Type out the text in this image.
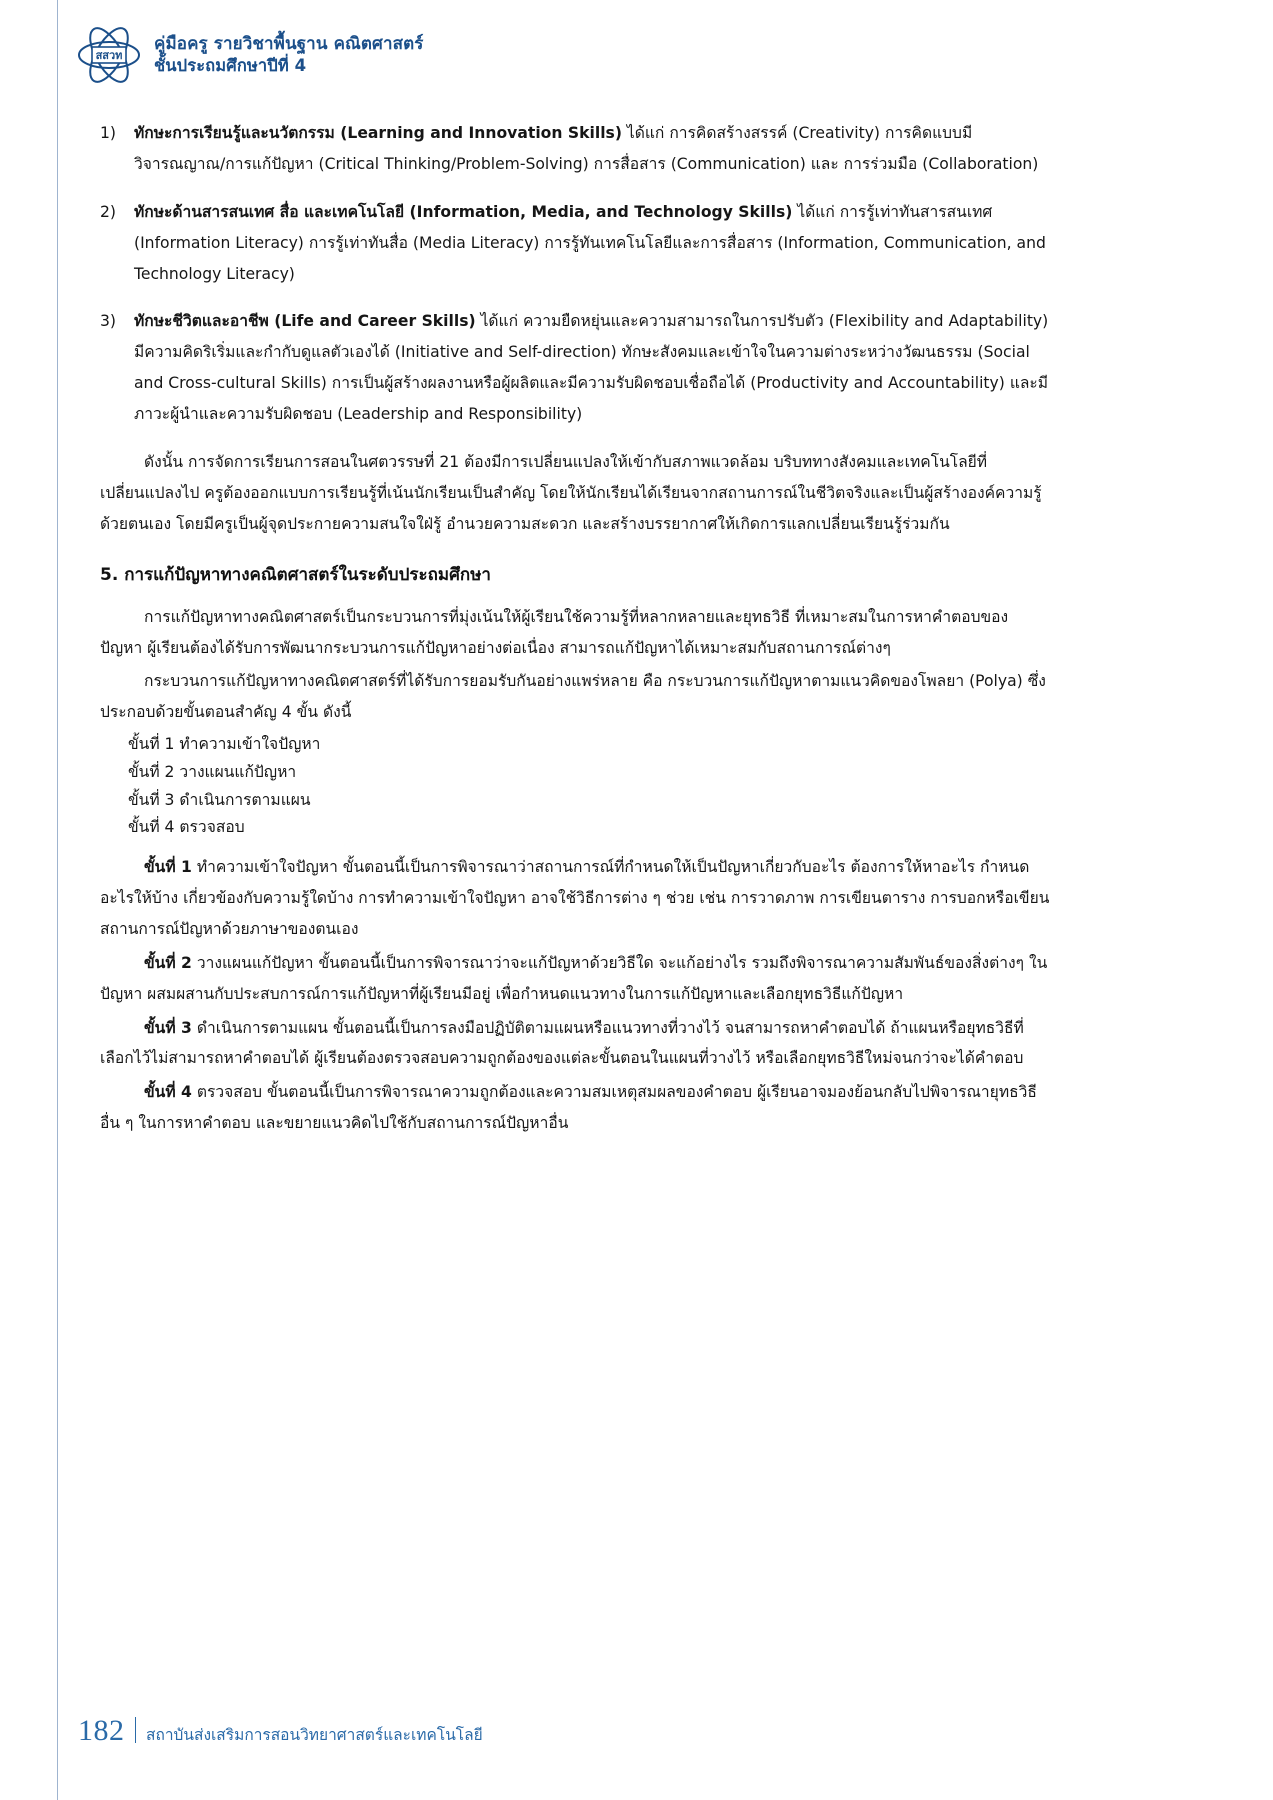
สสวท
คู่มือครู รายวิชาพื้นฐาน คณิตศาสตร์
ชั้นประถมศึกษาปีที่ 4
1)	ทักษะการเรียนรู้และนวัตกรรม (Learning and Innovation Skills) ได้แก่ การคิดสร้างสรรค์ (Creativity) การคิดแบบมีวิจารณญาณ/การแก้ปัญหา (Critical Thinking/Problem-Solving) การสื่อสาร (Communication) และ การร่วมมือ (Collaboration)
2)	ทักษะด้านสารสนเทศ สื่อ และเทคโนโลยี (Information, Media, and Technology Skills) ได้แก่ การรู้เท่าทันสารสนเทศ (Information Literacy) การรู้เท่าทันสื่อ (Media Literacy) การรู้ทันเทคโนโลยีและการสื่อสาร (Information, Communication, and Technology Literacy)
3)	ทักษะชีวิตและอาชีพ (Life and Career Skills) ได้แก่ ความยืดหยุ่นและความสามารถในการปรับตัว (Flexibility and Adaptability) มีความคิดริเริ่มและกำกับดูแลตัวเองได้ (Initiative and Self-direction) ทักษะสังคมและเข้าใจในความต่างระหว่างวัฒนธรรม (Social and Cross-cultural Skills) การเป็นผู้สร้างผลงานหรือผู้ผลิตและมีความรับผิดชอบเชื่อถือได้ (Productivity and Accountability) และมีภาวะผู้นำและความรับผิดชอบ (Leadership and Responsibility)

ดังนั้น การจัดการเรียนการสอนในศตวรรษที่ 21 ต้องมีการเปลี่ยนแปลงให้เข้ากับสภาพแวดล้อม บริบททางสังคมและเทคโนโลยีที่เปลี่ยนแปลงไป ครูต้องออกแบบการเรียนรู้ที่เน้นนักเรียนเป็นสำคัญ โดยให้นักเรียนได้เรียนจากสถานการณ์ในชีวิตจริงและเป็นผู้สร้างองค์ความรู้ด้วยตนเอง โดยมีครูเป็นผู้จุดประกายความสนใจใฝ่รู้ อำนวยความสะดวก และสร้างบรรยากาศให้เกิดการแลกเปลี่ยนเรียนรู้ร่วมกัน

5. การแก้ปัญหาทางคณิตศาสตร์ในระดับประถมศึกษา

การแก้ปัญหาทางคณิตศาสตร์เป็นกระบวนการที่มุ่งเน้นให้ผู้เรียนใช้ความรู้ที่หลากหลายและยุทธวิธี ที่เหมาะสมในการหาคำตอบของปัญหา ผู้เรียนต้องได้รับการพัฒนากระบวนการแก้ปัญหาอย่างต่อเนื่อง สามารถแก้ปัญหาได้เหมาะสมกับสถานการณ์ต่างๆ

กระบวนการแก้ปัญหาทางคณิตศาสตร์ที่ได้รับการยอมรับกันอย่างแพร่หลาย คือ กระบวนการแก้ปัญหาตามแนวคิดของโพลยา (Polya) ซึ่งประกอบด้วยขั้นตอนสำคัญ 4 ขั้น ดังนี้

ขั้นที่ 1 ทำความเข้าใจปัญหา
ขั้นที่ 2 วางแผนแก้ปัญหา
ขั้นที่ 3 ดำเนินการตามแผน
ขั้นที่ 4 ตรวจสอบ

ขั้นที่ 1 ทำความเข้าใจปัญหา ขั้นตอนนี้เป็นการพิจารณาว่าสถานการณ์ที่กำหนดให้เป็นปัญหาเกี่ยวกับอะไร ต้องการให้หาอะไร กำหนดอะไรให้บ้าง เกี่ยวข้องกับความรู้ใดบ้าง การทำความเข้าใจปัญหา อาจใช้วิธีการต่าง ๆ ช่วย เช่น การวาดภาพ การเขียนตาราง การบอกหรือเขียนสถานการณ์ปัญหาด้วยภาษาของตนเอง

ขั้นที่ 2 วางแผนแก้ปัญหา ขั้นตอนนี้เป็นการพิจารณาว่าจะแก้ปัญหาด้วยวิธีใด จะแก้อย่างไร รวมถึงพิจารณาความสัมพันธ์ของสิ่งต่างๆ ในปัญหา ผสมผสานกับประสบการณ์การแก้ปัญหาที่ผู้เรียนมีอยู่ เพื่อกำหนดแนวทางในการแก้ปัญหาและเลือกยุทธวิธีแก้ปัญหา

ขั้นที่ 3 ดำเนินการตามแผน ขั้นตอนนี้เป็นการลงมือปฏิบัติตามแผนหรือแนวทางที่วางไว้ จนสามารถหาคำตอบได้ ถ้าแผนหรือยุทธวิธีที่เลือกไว้ไม่สามารถหาคำตอบได้ ผู้เรียนต้องตรวจสอบความถูกต้องของแต่ละขั้นตอนในแผนที่วางไว้ หรือเลือกยุทธวิธีใหม่จนกว่าจะได้คำตอบ

ขั้นที่ 4 ตรวจสอบ ขั้นตอนนี้เป็นการพิจารณาความถูกต้องและความสมเหตุสมผลของคำตอบ ผู้เรียนอาจมองย้อนกลับไปพิจารณายุทธวิธีอื่น ๆ ในการหาคำตอบ และขยายแนวคิดไปใช้กับสถานการณ์ปัญหาอื่น

182 สถาบันส่งเสริมการสอนวิทยาศาสตร์และเทคโนโลยี
